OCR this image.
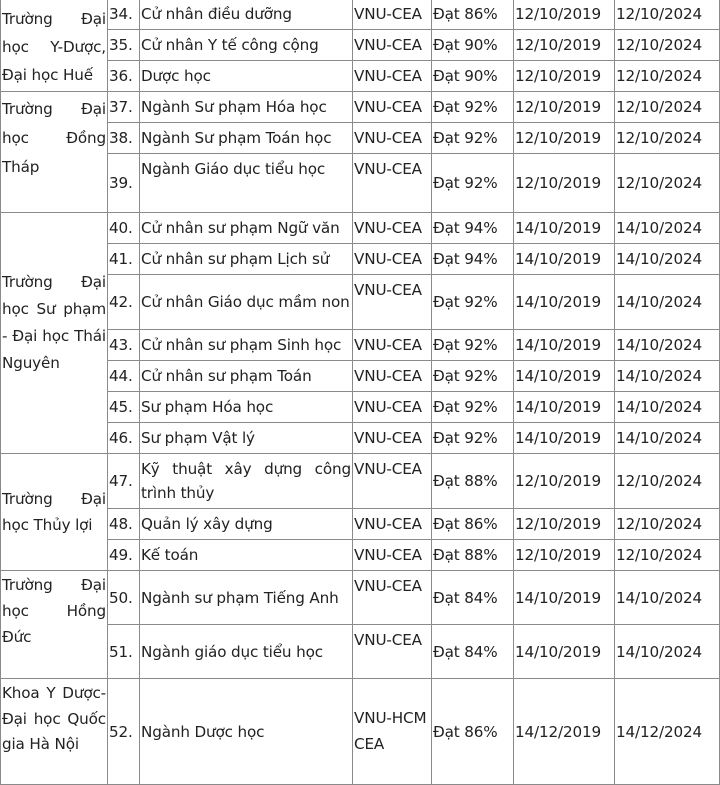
Trường Đại học Y-Dược, Đại học Huế	34.	Cử nhân điều dưỡng	VNU-CEA	Đạt 86%	12/10/2019	12/10/2024
	35.	Cử nhân Y tế công cộng	VNU-CEA	Đạt 90%	12/10/2019	12/10/2024
	36.	Dược học	VNU-CEA	Đạt 90%	12/10/2019	12/10/2024
Trường Đại học Đồng Tháp	37.	Ngành Sư phạm Hóa học	VNU-CEA	Đạt 92%	12/10/2019	12/10/2024
	38.	Ngành Sư phạm Toán học	VNU-CEA	Đạt 92%	12/10/2019	12/10/2024
	39.	Ngành Giáo dục tiểu học	VNU-CEA	Đạt 92%	12/10/2019	12/10/2024
Trường Đại học Sư phạm - Đại học Thái Nguyên	40.	Cử nhân sư phạm Ngữ văn	VNU-CEA	Đạt 94%	14/10/2019	14/10/2024
	41.	Cử nhân sư phạm Lịch sử	VNU-CEA	Đạt 94%	14/10/2019	14/10/2024
	42.	Cử nhân Giáo dục mầm non	VNU-CEA	Đạt 92%	14/10/2019	14/10/2024
	43.	Cử nhân sư phạm Sinh học	VNU-CEA	Đạt 92%	14/10/2019	14/10/2024
	44.	Cử nhân sư phạm Toán	VNU-CEA	Đạt 92%	14/10/2019	14/10/2024
	45.	Sư phạm Hóa học	VNU-CEA	Đạt 92%	14/10/2019	14/10/2024
	46.	Sư phạm Vật lý	VNU-CEA	Đạt 92%	14/10/2019	14/10/2024
Trường Đại học Thủy lợi	47.	Kỹ thuật xây dựng công trình thủy	VNU-CEA	Đạt 88%	12/10/2019	12/10/2024
	48.	Quản lý xây dựng	VNU-CEA	Đạt 86%	12/10/2019	12/10/2024
	49.	Kế toán	VNU-CEA	Đạt 88%	12/10/2019	12/10/2024
Trường Đại học Hồng Đức	50.	Ngành sư phạm Tiếng Anh	VNU-CEA	Đạt 84%	14/10/2019	14/10/2024
	51.	Ngành giáo dục tiểu học	VNU-CEA	Đạt 84%	14/10/2019	14/10/2024
Khoa Y Dược- Đại học Quốc gia Hà Nội	52.	Ngành Dược học	VNU-HCM CEA	Đạt 86%	14/12/2019	14/12/2024
